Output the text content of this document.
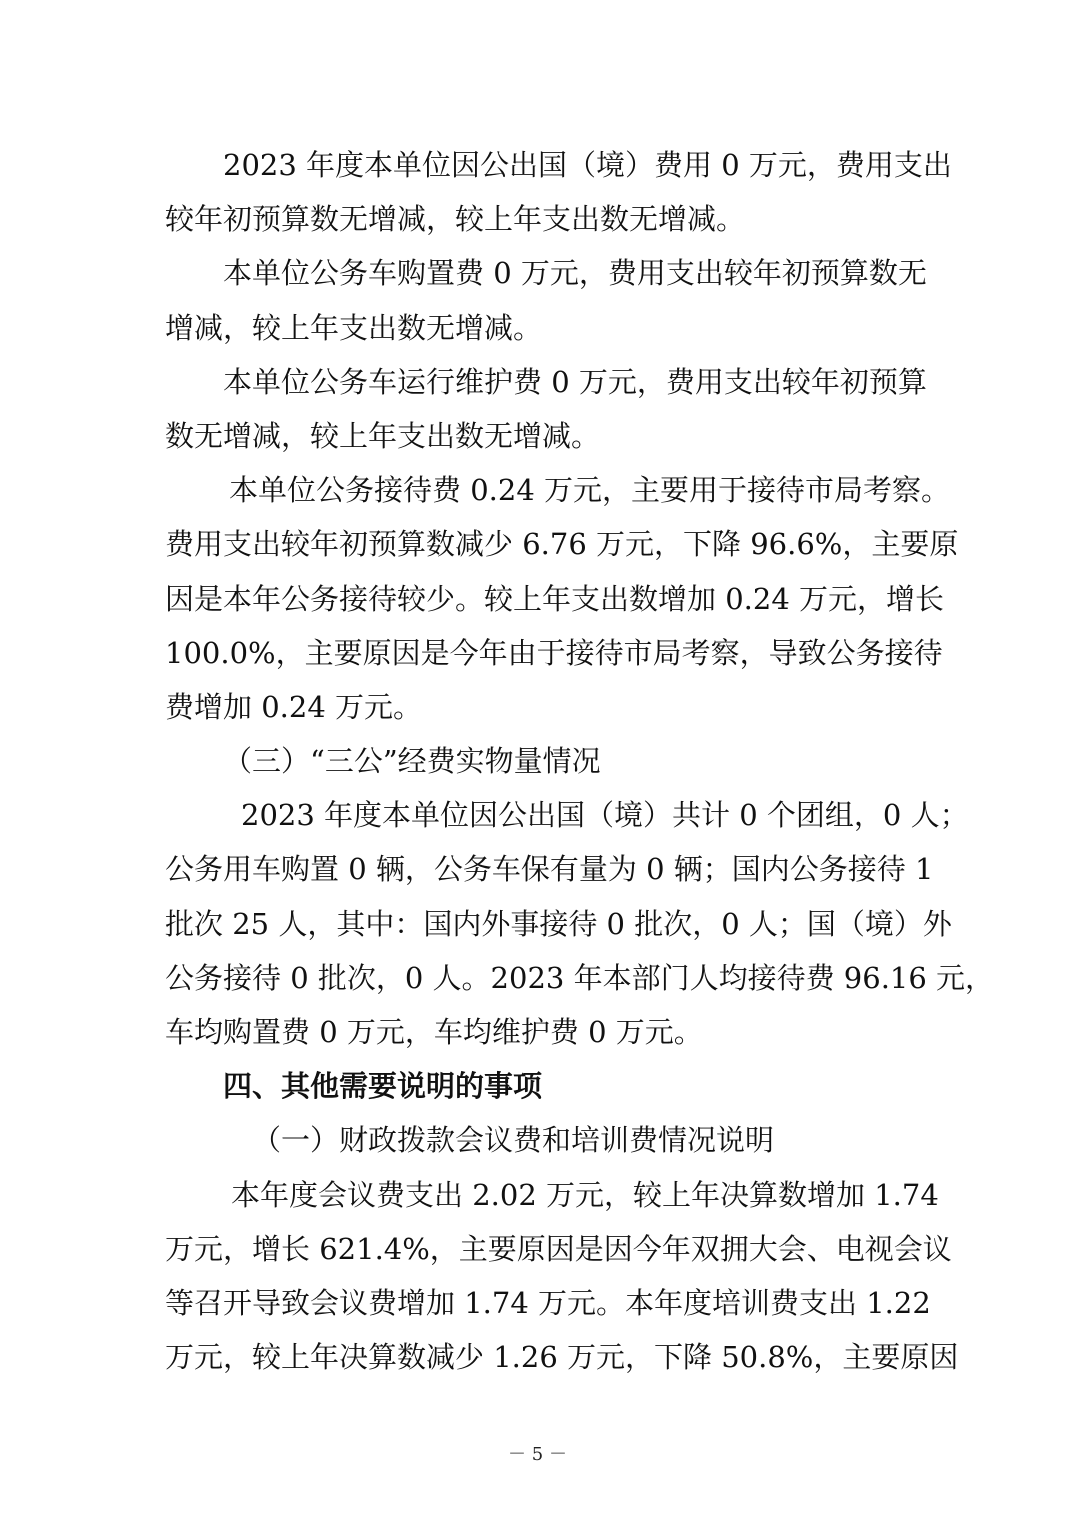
2023 年度本单位因公出国（境）费用 0 万元，费用支出
较年初预算数无增减，较上年支出数无增减。
本单位公务车购置费 0 万元，费用支出较年初预算数无
增减，较上年支出数无增减。
本单位公务车运行维护费 0 万元，费用支出较年初预算
数无增减，较上年支出数无增减。
本单位公务接待费 0.24 万元，主要用于接待市局考察。
费用支出较年初预算数减少 6.76 万元，下降 96.6%，主要原
因是本年公务接待较少。较上年支出数增加 0.24 万元，增长
100.0%，主要原因是今年由于接待市局考察，导致公务接待
费增加 0.24 万元。
（三）“三公”经费实物量情况
2023 年度本单位因公出国（境）共计 0 个团组，0 人；
公务用车购置 0 辆，公务车保有量为 0 辆；国内公务接待 1
批次 25 人，其中：国内外事接待 0 批次，0 人；国（境）外
公务接待 0 批次，0 人。2023 年本部门人均接待费 96.16 元，
车均购置费 0 万元，车均维护费 0 万元。
四、其他需要说明的事项
（一）财政拨款会议费和培训费情况说明
本年度会议费支出 2.02 万元，较上年决算数增加 1.74
万元，增长 621.4%，主要原因是因今年双拥大会、电视会议
等召开导致会议费增加 1.74 万元。本年度培训费支出 1.22
万元，较上年决算数减少 1.26 万元，下降 50.8%，主要原因
－ 5 －
